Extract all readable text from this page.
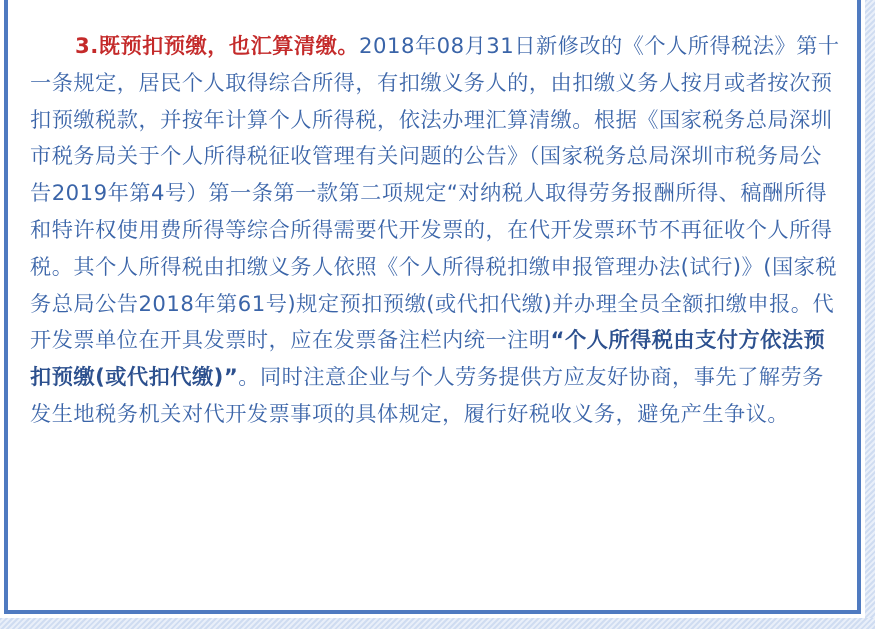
3.既预扣预缴，也汇算清缴。2018年08月31日新修改的《个人所得税法》第十一条规定，居民个人取得综合所得，有扣缴义务人的，由扣缴义务人按月或者按次预扣预缴税款，并按年计算个人所得税，依法办理汇算清缴。根据《国家税务总局深圳市税务局关于个人所得税征收管理有关问题的公告》（国家税务总局深圳市税务局公告2019年第4号）第一条第一款第二项规定“对纳税人取得劳务报酬所得、稿酬所得和特许权使用费所得等综合所得需要代开发票的，在代开发票环节不再征收个人所得税。其个人所得税由扣缴义务人依照《个人所得税扣缴申报管理办法(试行)》(国家税务总局公告2018年第61号)规定预扣预缴(或代扣代缴)并办理全员全额扣缴申报。代开发票单位在开具发票时，应在发票备注栏内统一注明“个人所得税由支付方依法预扣预缴(或代扣代缴)”。同时注意企业与个人劳务提供方应友好协商，事先了解劳务发生地税务机关对代开发票事项的具体规定，履行好税收义务，避免产生争议。
